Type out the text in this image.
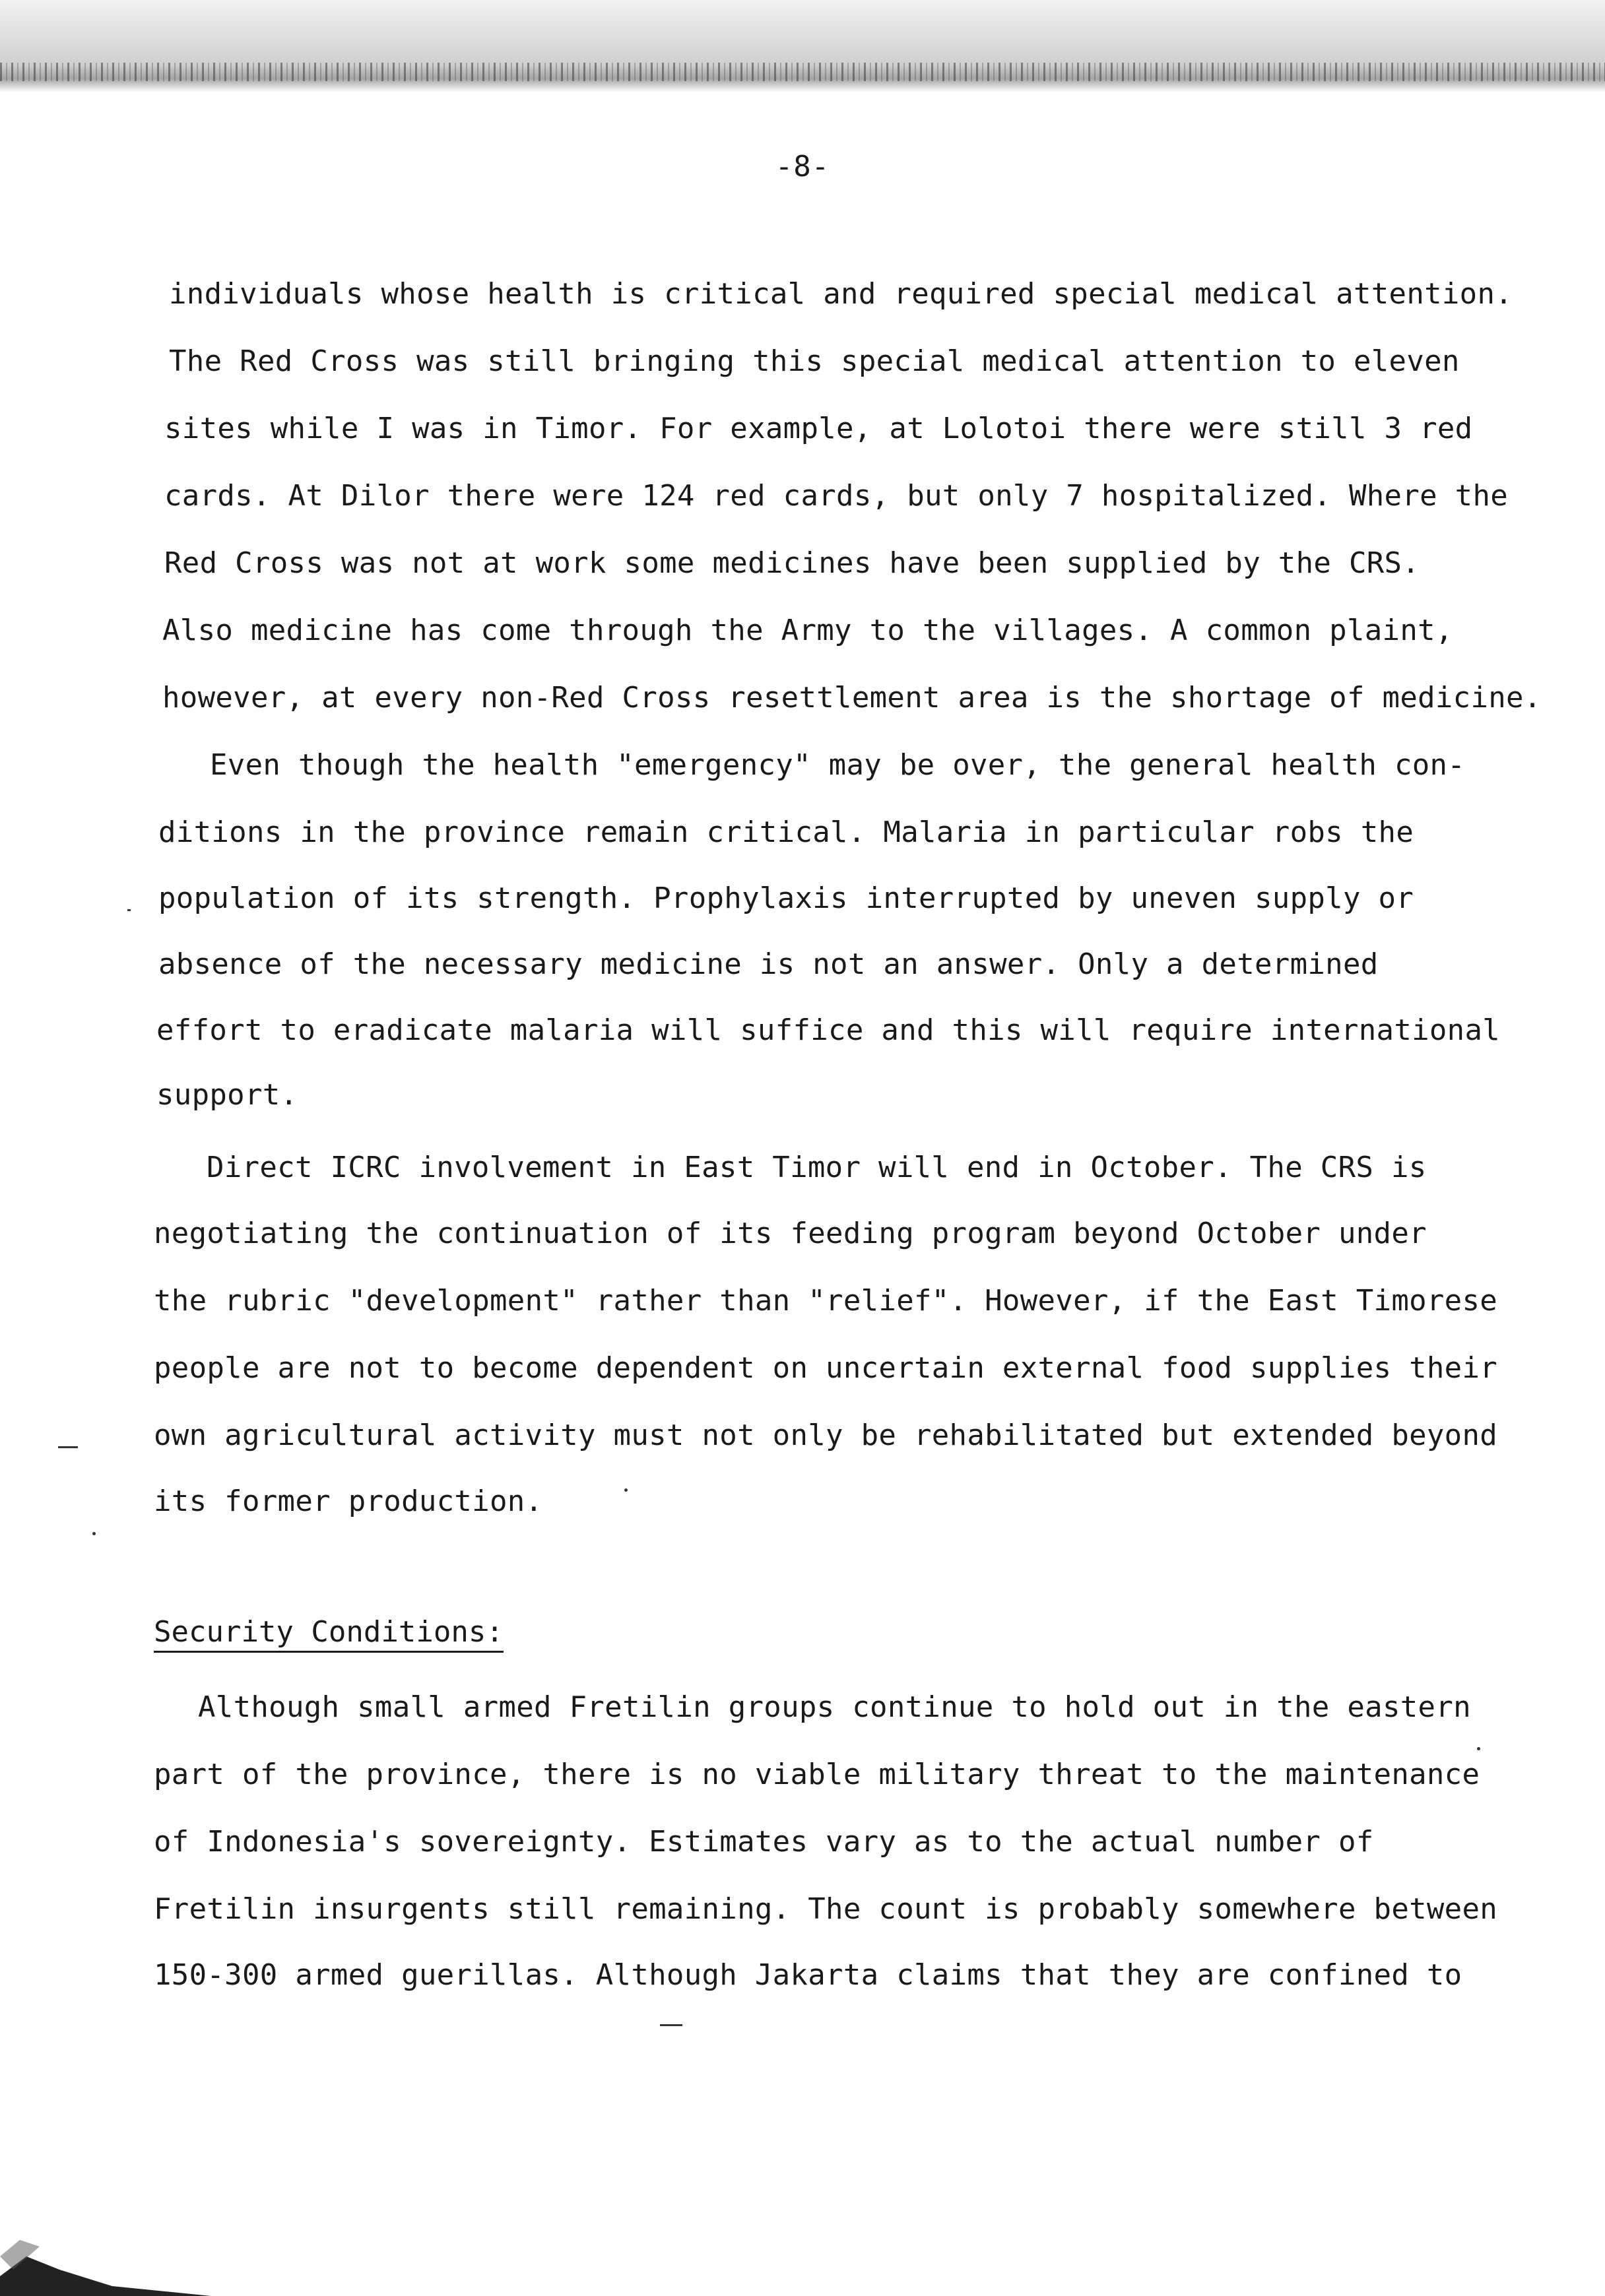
-8-
individuals whose health is critical and required special medical attention.
The Red Cross was still bringing this special medical attention to eleven
sites while I was in Timor. For example, at Lolotoi there were still 3 red
cards. At Dilor there were 124 red cards, but only 7 hospitalized. Where the
Red Cross was not at work some medicines have been supplied by the CRS.
Also medicine has come through the Army to the villages. A common plaint,
however, at every non-Red Cross resettlement area is the shortage of medicine.
Even though the health "emergency" may be over, the general health con-
ditions in the province remain critical. Malaria in particular robs the
population of its strength. Prophylaxis interrupted by uneven supply or
absence of the necessary medicine is not an answer. Only a determined
effort to eradicate malaria will suffice and this will require international
support.
Direct ICRC involvement in East Timor will end in October. The CRS is
negotiating the continuation of its feeding program beyond October under
the rubric "development" rather than "relief". However, if the East Timorese
people are not to become dependent on uncertain external food supplies their
own agricultural activity must not only be rehabilitated but extended beyond
its former production.
Security Conditions:
Although small armed Fretilin groups continue to hold out in the eastern
part of the province, there is no viable military threat to the maintenance
of Indonesia's sovereignty. Estimates vary as to the actual number of
Fretilin insurgents still remaining. The count is probably somewhere between
150-300 armed guerillas. Although Jakarta claims that they are confined to
